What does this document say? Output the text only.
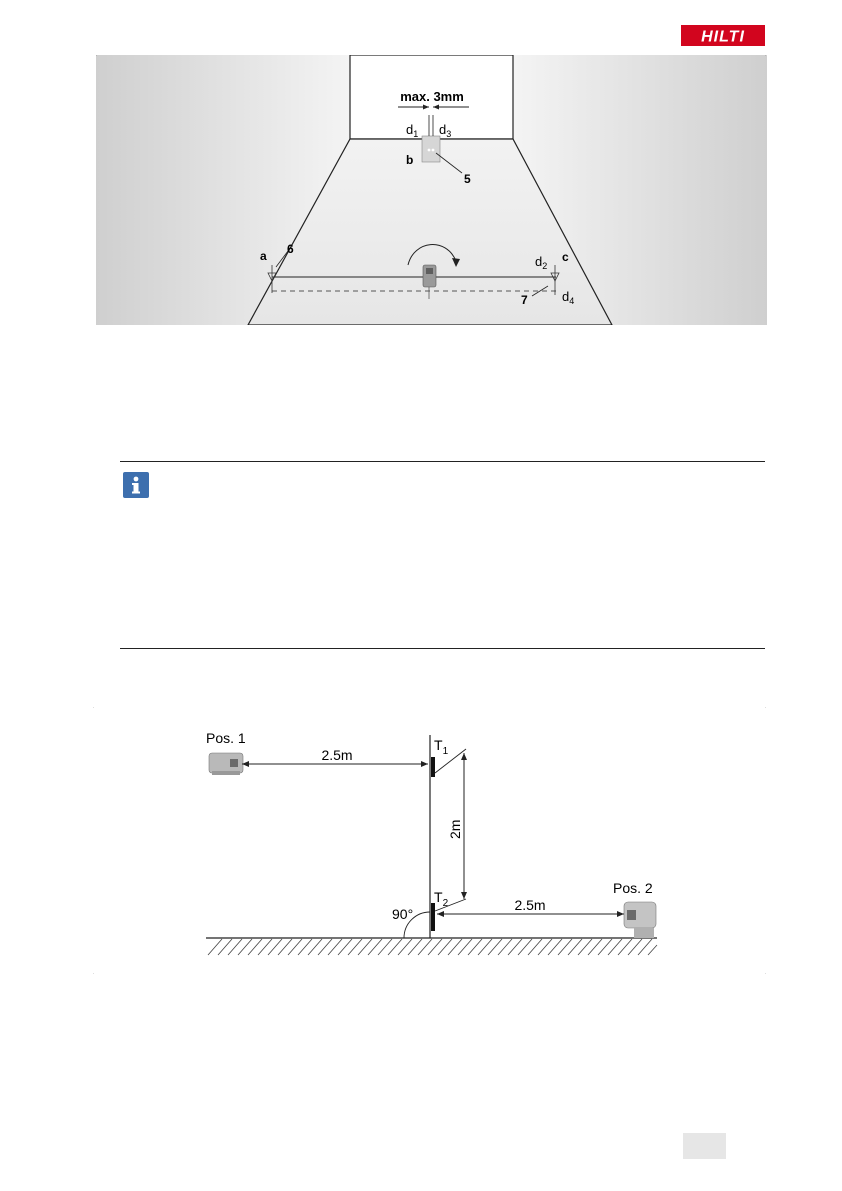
HILTI
max. 3mm
$d_1$ $d_3$
b
5
a 6
c
$d_2$
$d_4$
7
Pos. 1
2.5m
2m
Pos. 2
2.5m
$T_1$
$T_2$
90°
·	·
·	·
·	·
